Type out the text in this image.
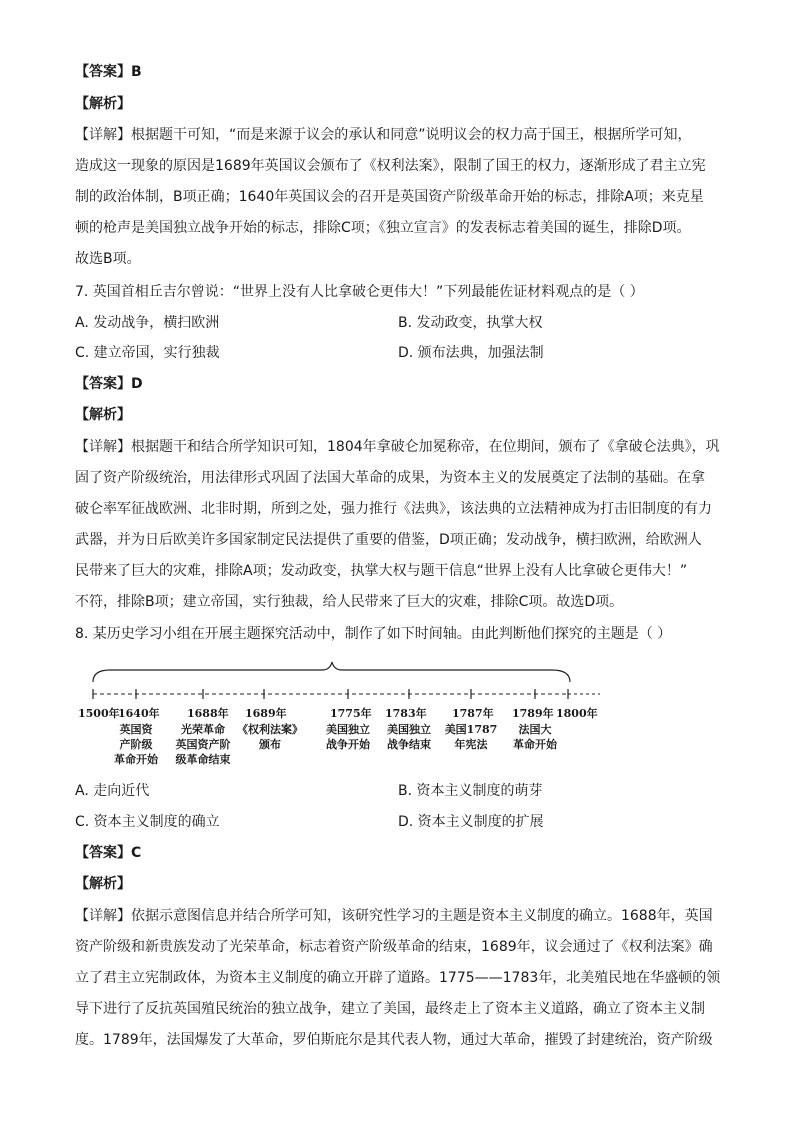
【答案】B
【解析】
【详解】根据题干可知，“而是来源于议会的承认和同意”说明议会的权力高于国王，根据所学可知，
造成这一现象的原因是1689年英国议会颁布了《权利法案》，限制了国王的权力，逐渐形成了君主立宪
制的政治体制，B项正确；1640年英国议会的召开是英国资产阶级革命开始的标志，排除A项；来克星
顿的枪声是美国独立战争开始的标志，排除C项；《独立宣言》的发表标志着美国的诞生，排除D项。
故选B项。
7. 英国首相丘吉尔曾说：“世界上没有人比拿破仑更伟大！”下列最能佐证材料观点的是（ ）
A. 发动战争，横扫欧洲	B. 发动政变，执掌大权
C. 建立帝国，实行独裁	D. 颁布法典，加强法制
【答案】D
【解析】
【详解】根据题干和结合所学知识可知，1804年拿破仑加冕称帝，在位期间，颁布了《拿破仑法典》，巩
固了资产阶级统治，用法律形式巩固了法国大革命的成果，为资本主义的发展奠定了法制的基础。在拿
破仑率军征战欧洲、北非时期，所到之处，强力推行《法典》，该法典的立法精神成为打击旧制度的有力
武器，并为日后欧美许多国家制定民法提供了重要的借鉴，D项正确；发动战争，横扫欧洲，给欧洲人
民带来了巨大的灾难，排除A项；发动政变，执掌大权与题干信息“世界上没有人比拿破仑更伟大！”
不符，排除B项；建立帝国，实行独裁，给人民带来了巨大的灾难，排除C项。故选D项。
8. 某历史学习小组在开展主题探究活动中，制作了如下时间轴。由此判断他们探究的主题是（ ）
1500年
1640年
英国资
产阶级
革命开始
1688年
光荣革命
英国资产阶
级革命结束
1689年
《权利法案》
颁布
1775年
美国独立
战争开始
1783年
美国独立
战争结束
1787年
美国1787
年宪法
1789年
法国大
革命开始
1800年
A. 走向近代	B. 资本主义制度的萌芽
C. 资本主义制度的确立	D. 资本主义制度的扩展
【答案】C
【解析】
【详解】依据示意图信息并结合所学可知，该研究性学习的主题是资本主义制度的确立。1688年，英国
资产阶级和新贵族发动了光荣革命，标志着资产阶级革命的结束，1689年，议会通过了《权利法案》确
立了君主立宪制政体，为资本主义制度的确立开辟了道路。1775——1783年，北美殖民地在华盛顿的领
导下进行了反抗英国殖民统治的独立战争，建立了美国，最终走上了资本主义道路，确立了资本主义制
度。1789年，法国爆发了大革命，罗伯斯庇尔是其代表人物，通过大革命，摧毁了封建统治，资产阶级
